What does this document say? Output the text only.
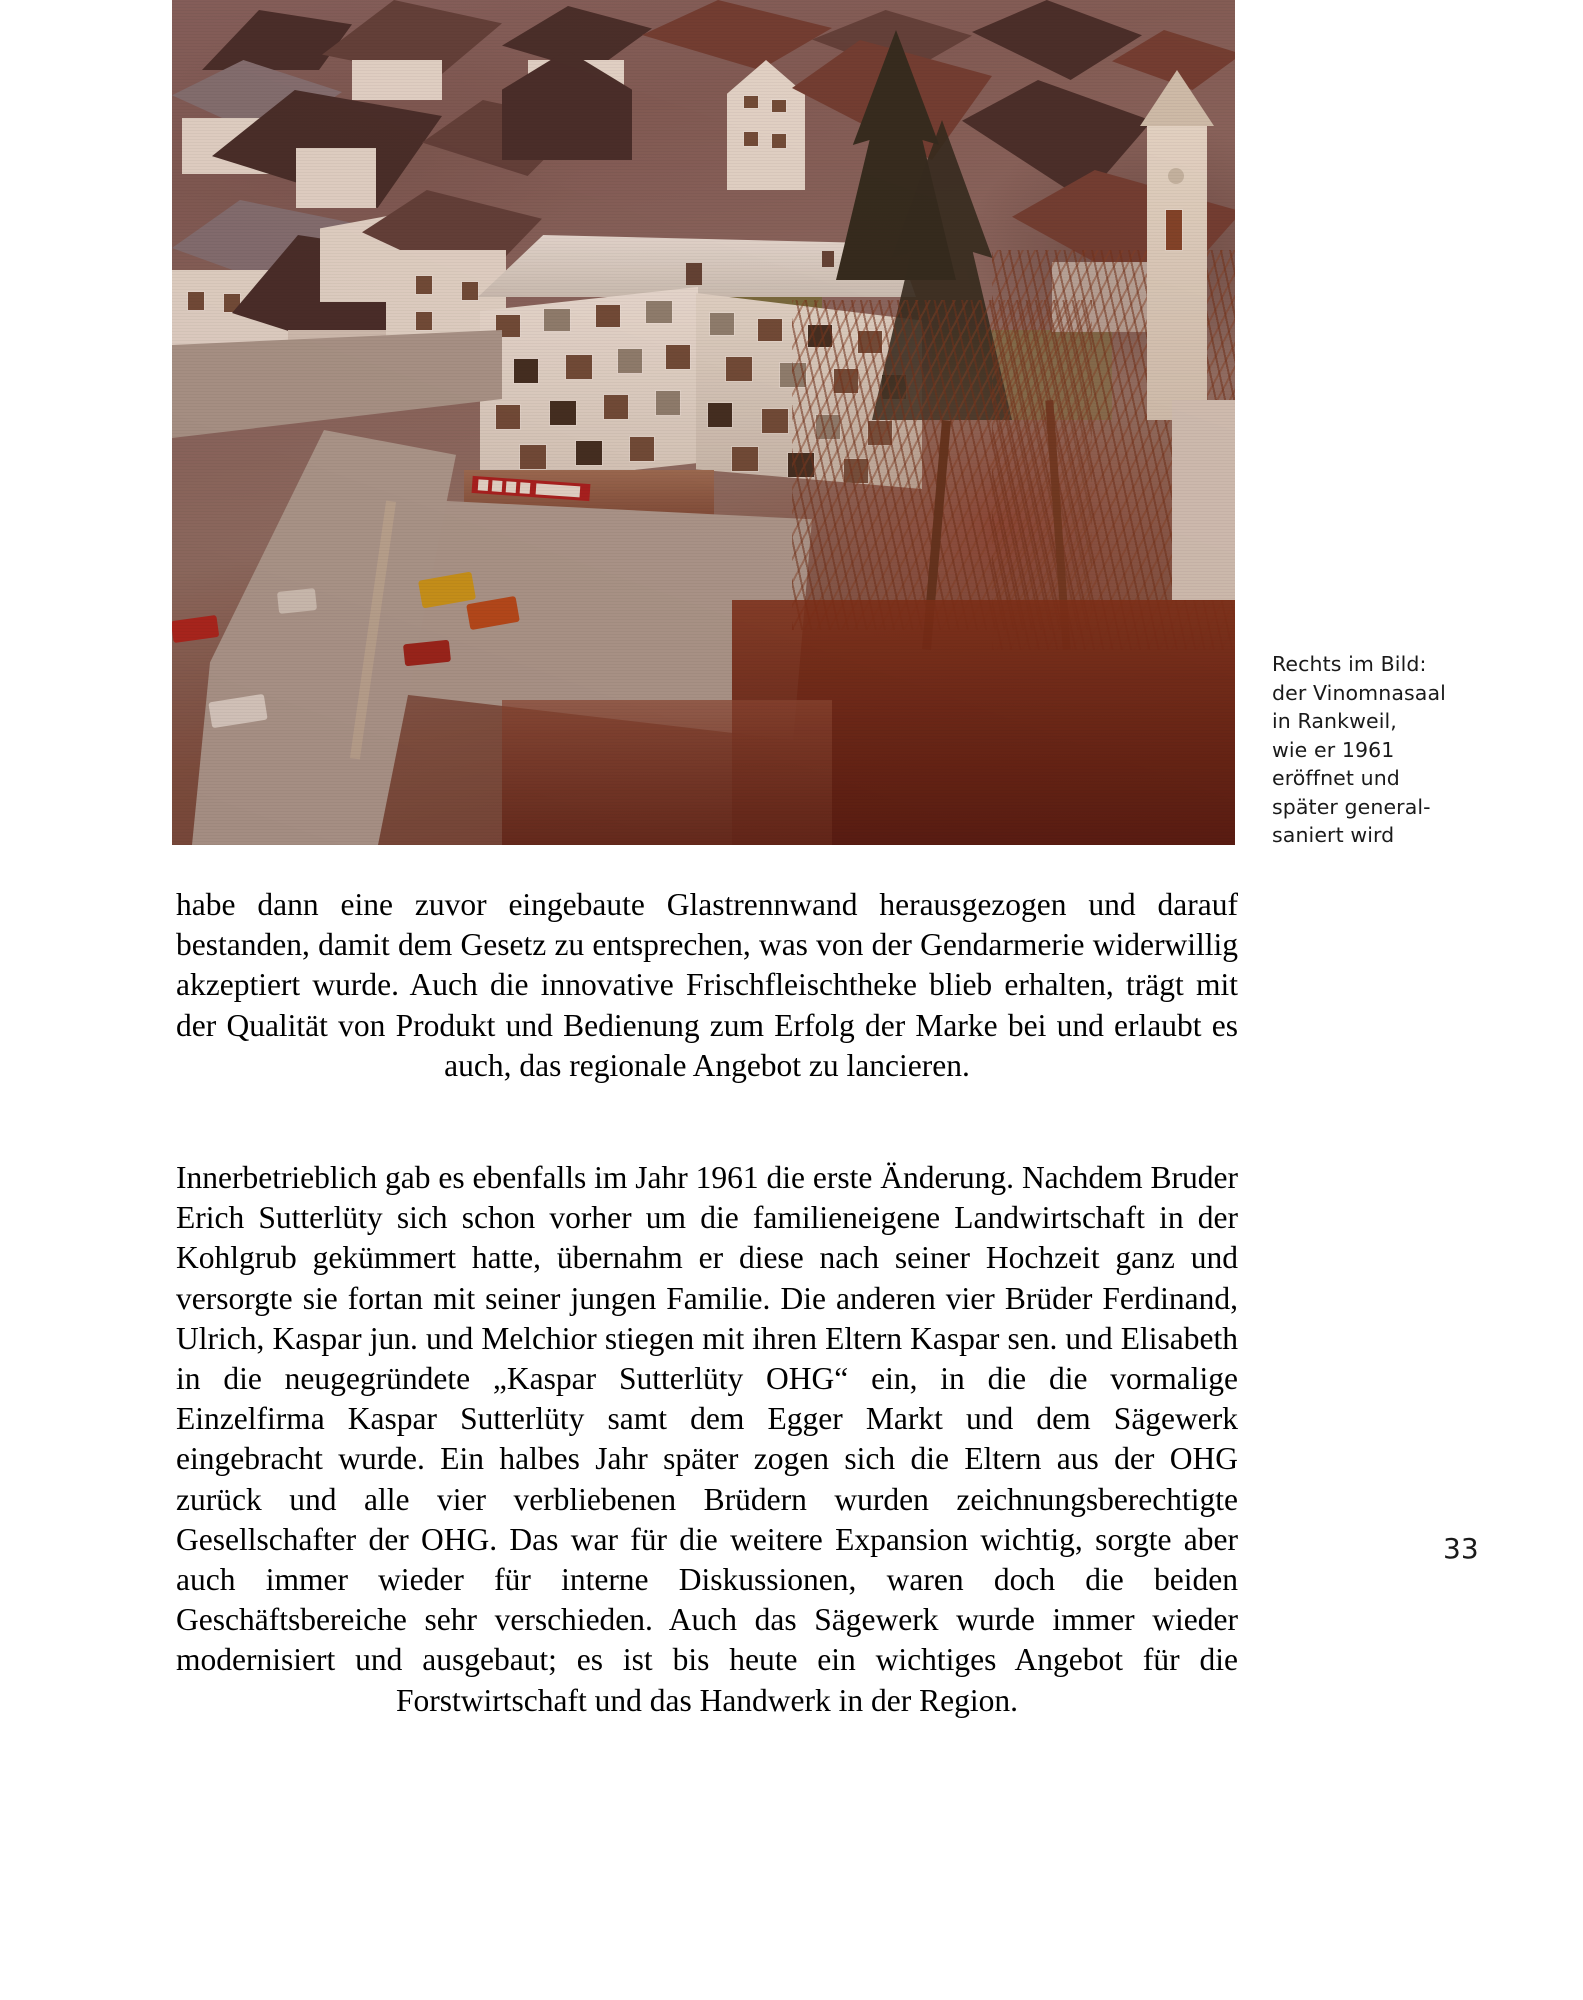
Rechts im Bild:
der Vinomnasaal
in Rankweil,
wie er 1961
eröffnet und
später general-
saniert wird

habe dann eine zuvor eingebaute Glastrennwand herausgezogen und darauf bestanden, damit dem Gesetz zu entsprechen, was von der Gendarmerie widerwillig akzeptiert wurde. Auch die innovative Frischfleischtheke blieb erhalten, trägt mit der Qualität von Produkt und Bedienung zum Erfolg der Marke bei und erlaubt es auch, das regionale Angebot zu lancieren.

Innerbetrieblich gab es ebenfalls im Jahr 1961 die erste Änderung. Nachdem Bruder Erich Sutterlüty sich schon vorher um die familieneigene Landwirtschaft in der Kohlgrub gekümmert hatte, übernahm er diese nach seiner Hochzeit ganz und versorgte sie fortan mit seiner jungen Familie. Die anderen vier Brüder Ferdinand, Ulrich, Kaspar jun. und Melchior stiegen mit ihren Eltern Kaspar sen. und Elisabeth in die neugegründete „Kaspar Sutterlüty OHG“ ein, in die die vormalige Einzelfirma Kaspar Sutterlüty samt dem Egger Markt und dem Sägewerk eingebracht wurde. Ein halbes Jahr später zogen sich die Eltern aus der OHG zurück und alle vier verbliebenen Brüdern wurden zeichnungsberechtigte Gesellschafter der OHG. Das war für die weitere Expansion wichtig, sorgte aber auch immer wieder für interne Diskussionen, waren doch die beiden Geschäftsbereiche sehr verschieden. Auch das Sägewerk wurde immer wieder modernisiert und ausgebaut; es ist bis heute ein wichtiges Angebot für die Forstwirtschaft und das Handwerk in der Region.

33
